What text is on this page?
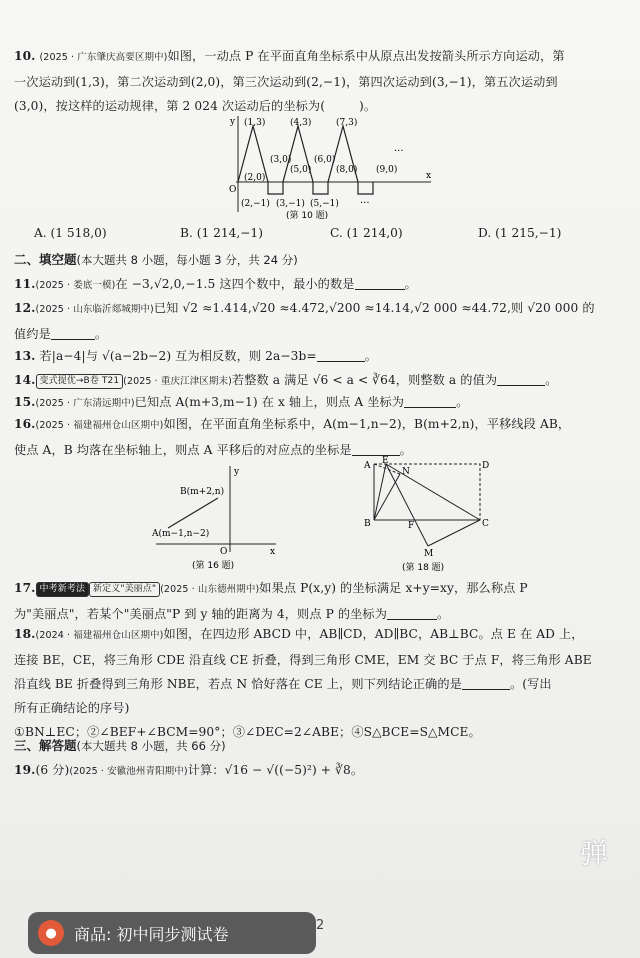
10. (2025 · 广东肇庆高要区期中)如图，一动点 P 在平面直角坐标系中从原点出发按箭头所示方向运动，第
一次运动到(1,3)，第二次运动到(2,0)，第三次运动到(2,−1)，第四次运动到(3,−1)，第五次运动到
(3,0)，按这样的运动规律，第 2 024 次运动后的坐标为(	)。
y
x
O
(1,3)	(4,3)	(7,3)
(3,0)
(5,0)
(6,0)
(8,0) (9,0)
(2,0)
(2,−1) (3,−1) (5,−1)
···
···
(第 10 题)
A. (1 518,0)	B. (1 214,−1)	C. (1 214,0)	D. (1 215,−1)
二、填空题(本大题共 8 小题，每小题 3 分，共 24 分)
11.(2025 · 娄底一模)在 −3,√2,0,−1.5 这四个数中，最小的数是	。
12.(2025 · 山东临沂郯城期中)已知 √2 ≈1.414,√20 ≈4.472,√200 ≈14.14,√2 000 ≈44.72,则 √20 000 的
值约是	。
13. 若|a−4|与 √(a−2b−2) 互为相反数，则 2a−3b=	。
14. 变式提优→B卷 T21 (2025 · 重庆江津区期末)若整数 a 满足 √6 < a < ∛64，则整数 a 的值为	。
15.(2025 · 广东清远期中)已知点 A(m+3,m−1) 在 x 轴上，则点 A 坐标为	。
16.(2025 · 福建福州仓山区期中)如图，在平面直角坐标系中，A(m−1,n−2)，B(m+2,n)，平移线段 AB，
使点 A，B 均落在坐标轴上，则点 A 平移后的对应点的坐标是	。
y
x
O
B(m+2,n)
A(m−1,n−2)
(第 16 题)
A E
N
D
B	F	C
M
(第 18 题)
17. 中考新考法 新定义"美丽点" (2025 · 山东德州期中)如果点 P(x,y) 的坐标满足 x+y=xy，那么称点 P
为"美丽点"，若某个"美丽点"P 到 y 轴的距离为 4，则点 P 的坐标为	。
18.(2024 · 福建福州仓山区期中)如图，在四边形 ABCD 中，AB∥CD，AD∥BC，AB⊥BC。点 E 在 AD 上，
连接 BE，CE，将三角形 CDE 沿直线 CE 折叠，得到三角形 CME，EM 交 BC 于点 F，将三角形 ABE
沿直线 BE 折叠得到三角形 NBE，若点 N 恰好落在 CE 上，则下列结论正确的是	。(写出
所有正确结论的序号)
①BN⊥EC；②∠BEF+∠BCM=90°；③∠DEC=2∠ABE；④S△BCE=S△MCE。
三、解答题(本大题共 8 小题，共 66 分)
19.(6 分)(2025 · 安徽池州青阳期中)计算：√16 − √((−5)²) + ∛8。
弹
●	商品: 初中同步测试卷	2
